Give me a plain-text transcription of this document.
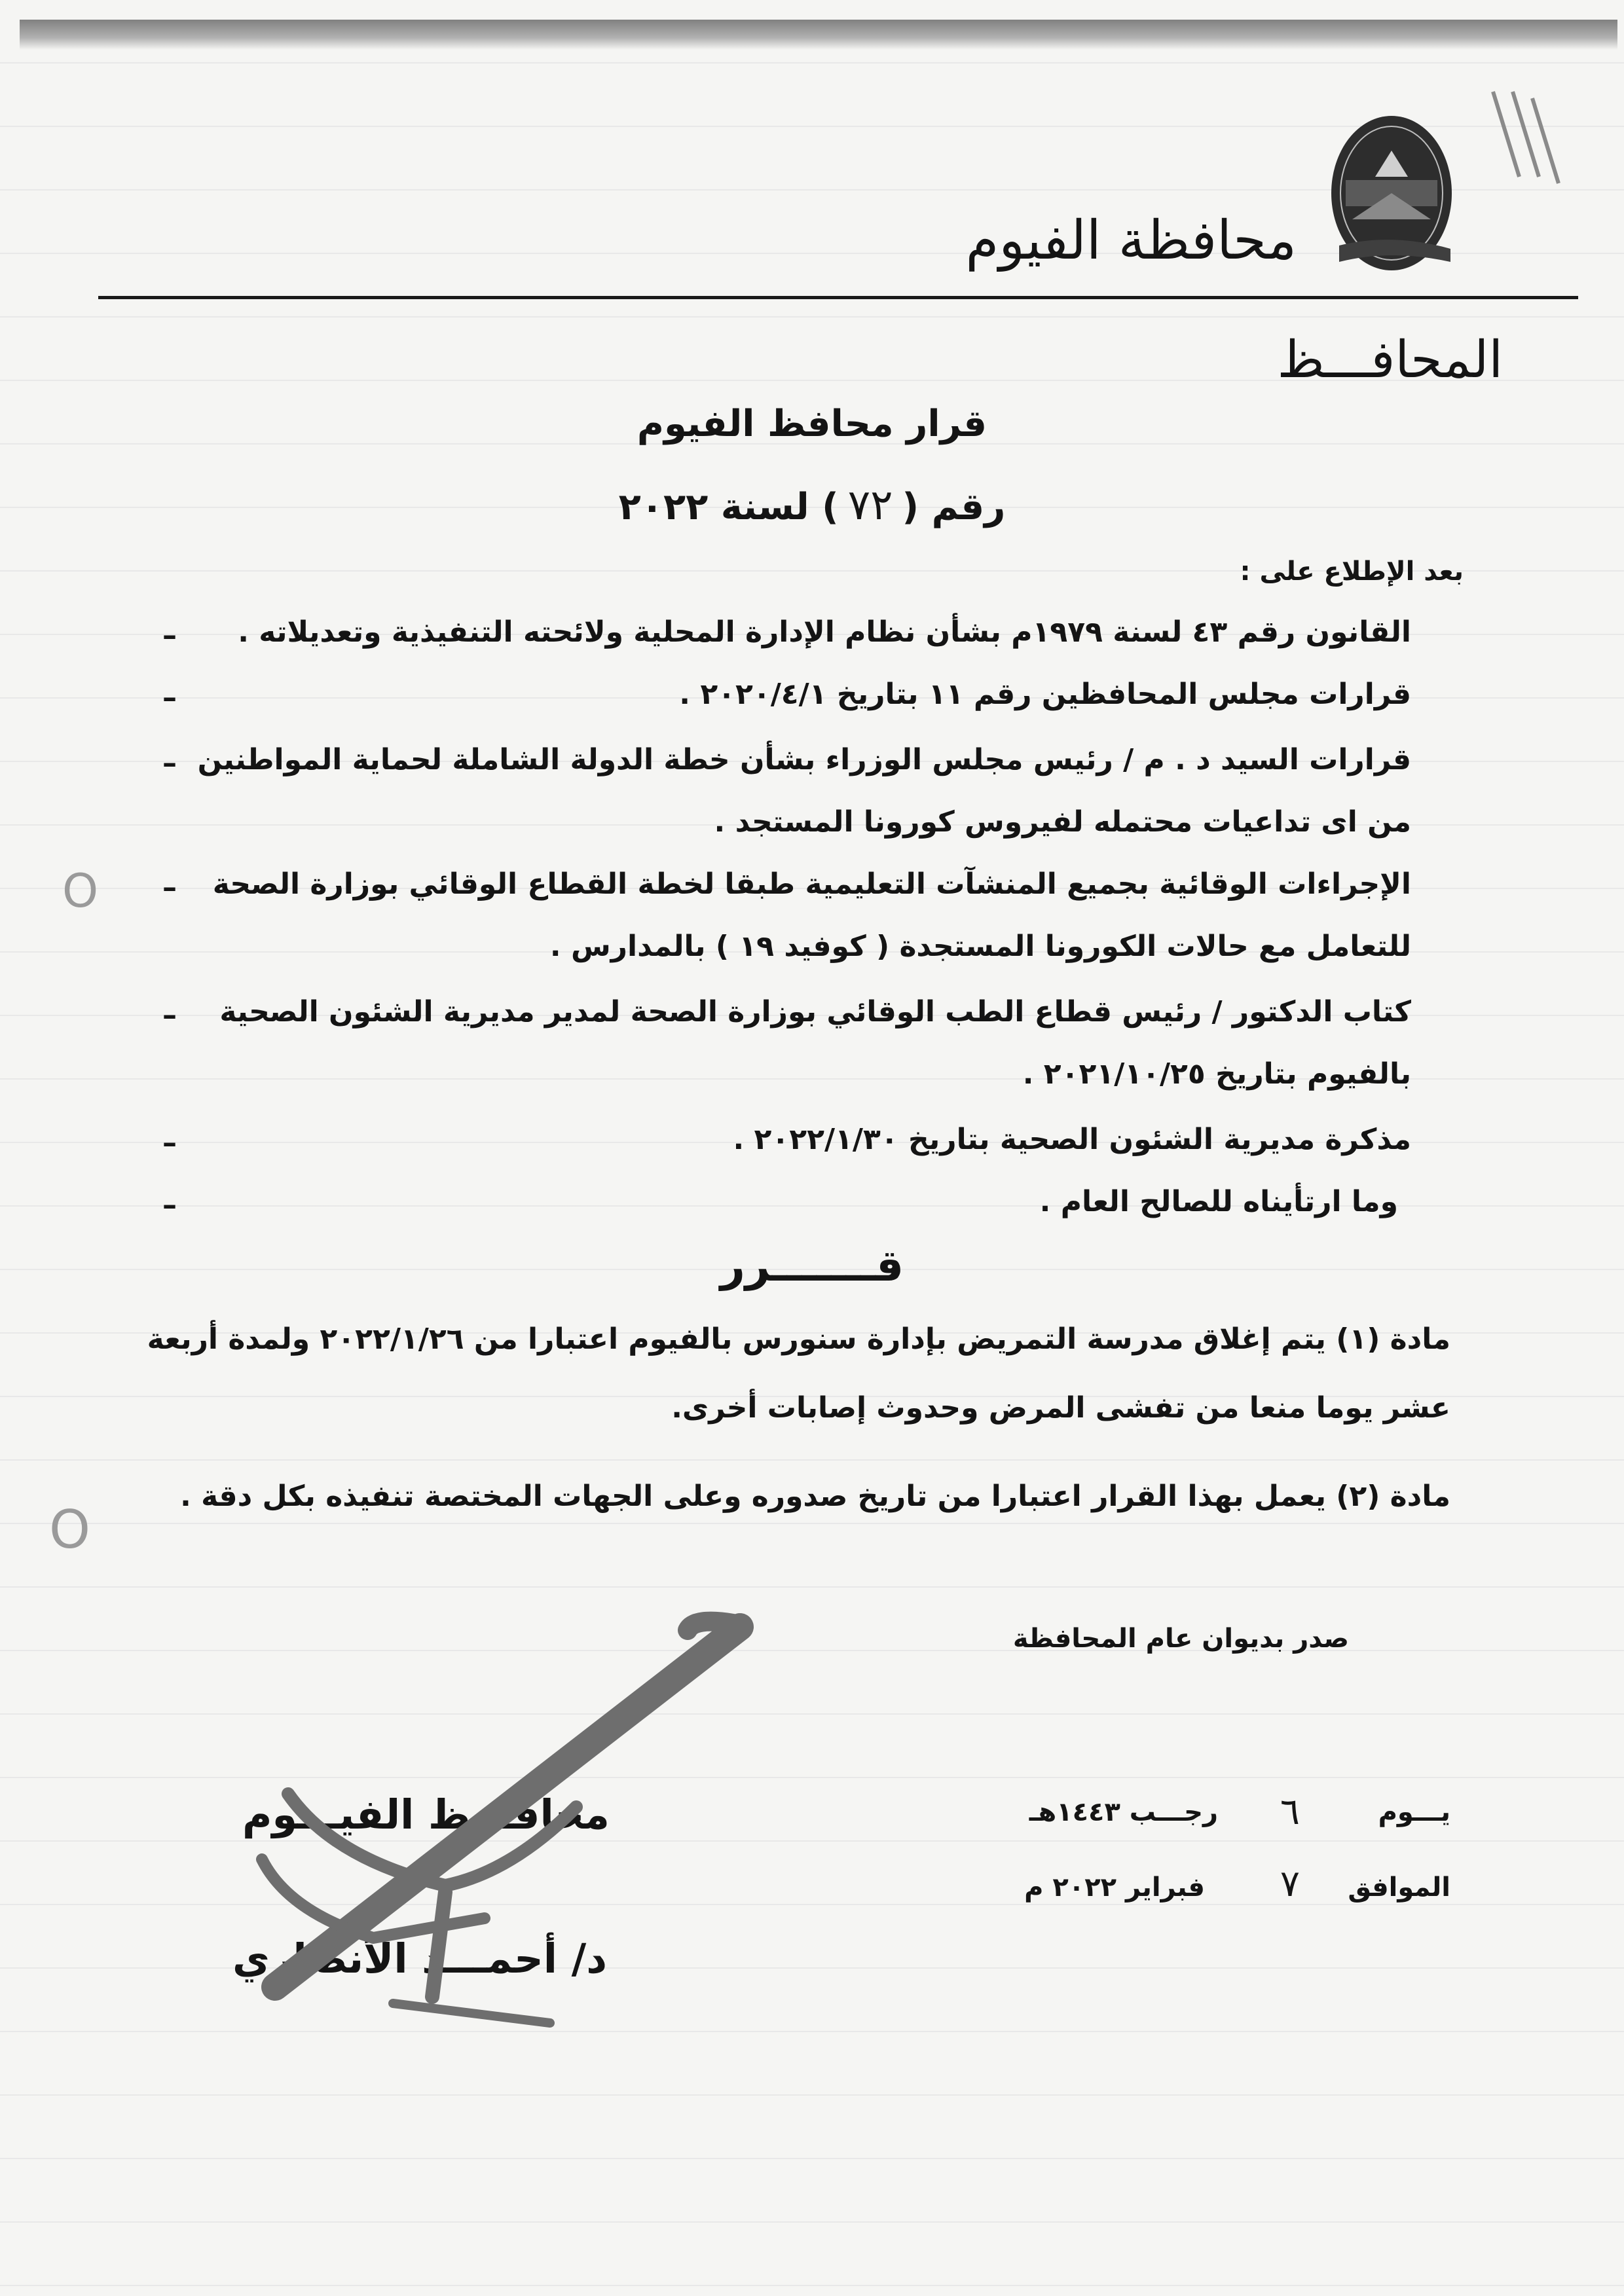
محافظة الفيوم
المحافـــظ
قرار محافظ الفيوم
رقم (٧٢) لسنة ٢٠٢٢
بعد الإطلاع على :
–
–
–
–
–
–
–
القانون رقم ٤٣ لسنة ١٩٧٩م بشأن نظام الإدارة المحلية ولائحته التنفيذية وتعديلاته .
قرارات مجلس المحافظين رقم ١١ بتاريخ ٢٠٢٠/٤/١ .
قرارات السيد د . م / رئيس مجلس الوزراء بشأن خطة الدولة الشاملة لحماية المواطنين
من اى تداعيات محتمله لفيروس كورونا المستجد .
الإجراءات الوقائية بجميع المنشآت التعليمية طبقا لخطة القطاع الوقائي بوزارة الصحة
للتعامل مع حالات الكورونا المستجدة ( كوفيد ١٩ ) بالمدارس .
كتاب الدكتور / رئيس قطاع الطب الوقائي بوزارة الصحة لمدير مديرية الشئون الصحية
بالفيوم بتاريخ ٢٠٢١/١٠/٢٥ .
مذكرة مديرية الشئون الصحية بتاريخ ٢٠٢٢/١/٣٠ .
وما ارتأيناه للصالح العام .
قـــــــرر
مادة (١) يتم إغلاق مدرسة التمريض بإدارة سنورس بالفيوم اعتبارا من ٢٠٢٢/١/٢٦ ولمدة أربعة
عشر يوما منعا من تفشى المرض وحدوث إصابات أخرى.
مادة (٢) يعمل بهذا القرار اعتبارا من تاريخ صدوره وعلى الجهات المختصة تنفيذه بكل دقة .
صدر بديوان عام المحافظة
يـــوم
٦
رجـــب ١٤٤٣هـ
الموافق
٧
فبراير ٢٠٢٢ م
محافـــظ الفيـــوم
د/ أحمـــد الأنصاري
O
O
